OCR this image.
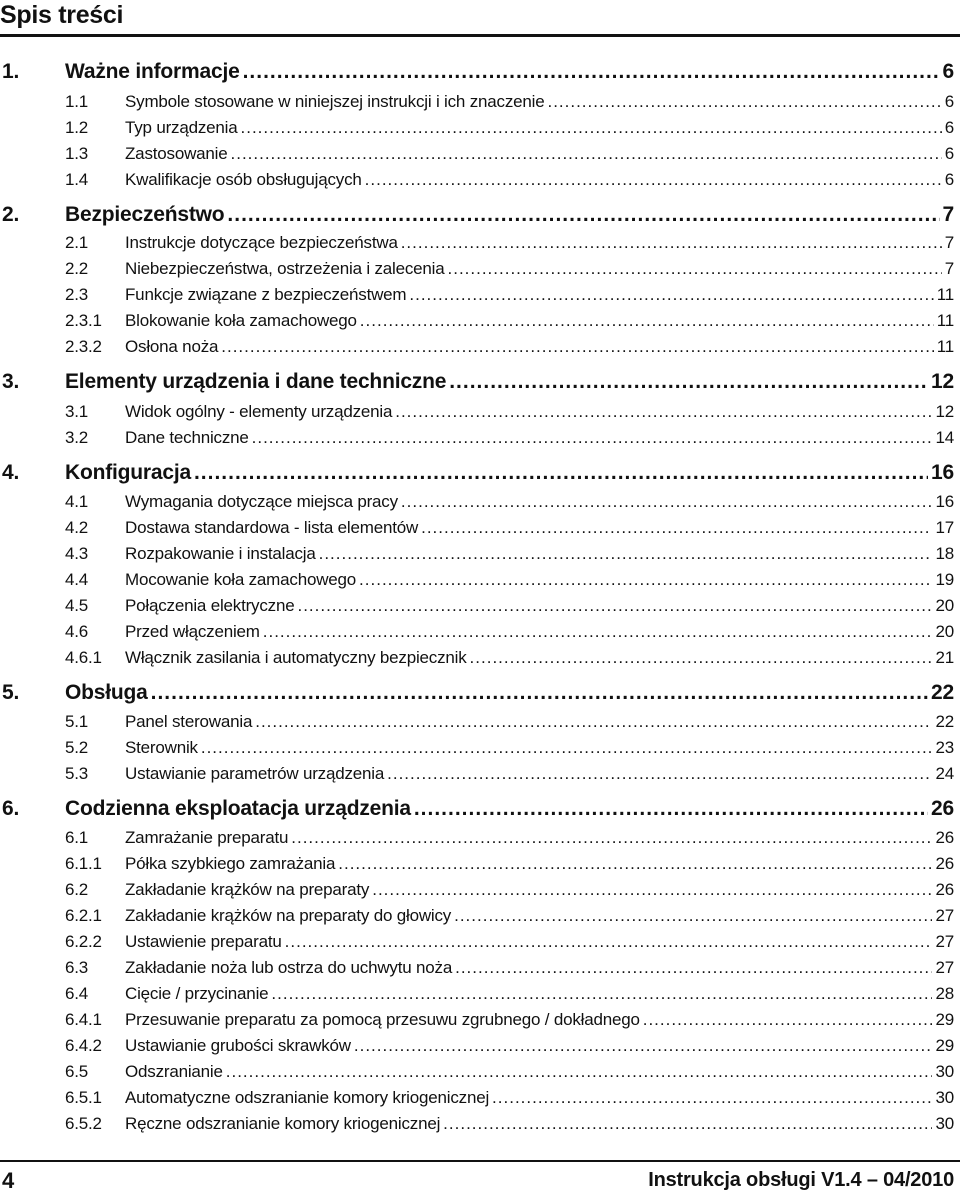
Spis treści
1.	Ważne informacje .....	6
1.1	Symbole stosowane w niniejszej instrukcji i ich znaczenie .....	6
1.2	Typ urządzenia .....	6
1.3	Zastosowanie .....	6
1.4	Kwalifikacje osób obsługujących .....	6
2.	Bezpieczeństwo .....	7
2.1	Instrukcje dotyczące bezpieczeństwa .....	7
2.2	Niebezpieczeństwa, ostrzeżenia i zalecenia .....	7
2.3	Funkcje związane z bezpieczeństwem .....	11
2.3.1	Blokowanie koła zamachowego .....	11
2.3.2	Osłona noża .....	11
3.	Elementy urządzenia i dane techniczne .....	12
3.1	Widok ogólny - elementy urządzenia .....	12
3.2	Dane techniczne .....	14
4.	Konfiguracja .....	16
4.1	Wymagania dotyczące miejsca pracy .....	16
4.2	Dostawa standardowa - lista elementów .....	17
4.3	Rozpakowanie i instalacja .....	18
4.4	Mocowanie koła zamachowego .....	19
4.5	Połączenia elektryczne .....	20
4.6	Przed włączeniem .....	20
4.6.1	Włącznik zasilania i automatyczny bezpiecznik .....	21
5.	Obsługa .....	22
5.1	Panel sterowania .....	22
5.2	Sterownik .....	23
5.3	Ustawianie parametrów urządzenia .....	24
6.	Codzienna eksploatacja urządzenia .....	26
6.1	Zamrażanie preparatu .....	26
6.1.1	Półka szybkiego zamrażania .....	26
6.2	Zakładanie krążków na preparaty .....	26
6.2.1	Zakładanie krążków na preparaty do głowicy .....	27
6.2.2	Ustawienie preparatu .....	27
6.3	Zakładanie noża lub ostrza do uchwytu noża .....	27
6.4	Cięcie / przycinanie .....	28
6.4.1	Przesuwanie preparatu za pomocą przesuwu zgrubnego / dokładnego .....	29
6.4.2	Ustawianie grubości skrawków .....	29
6.5	Odszranianie .....	30
6.5.1	Automatyczne odszranianie komory kriogenicznej .....	30
6.5.2	Ręczne odszranianie komory kriogenicznej .....	30
4	Instrukcja obsługi V1.4 – 04/2010
